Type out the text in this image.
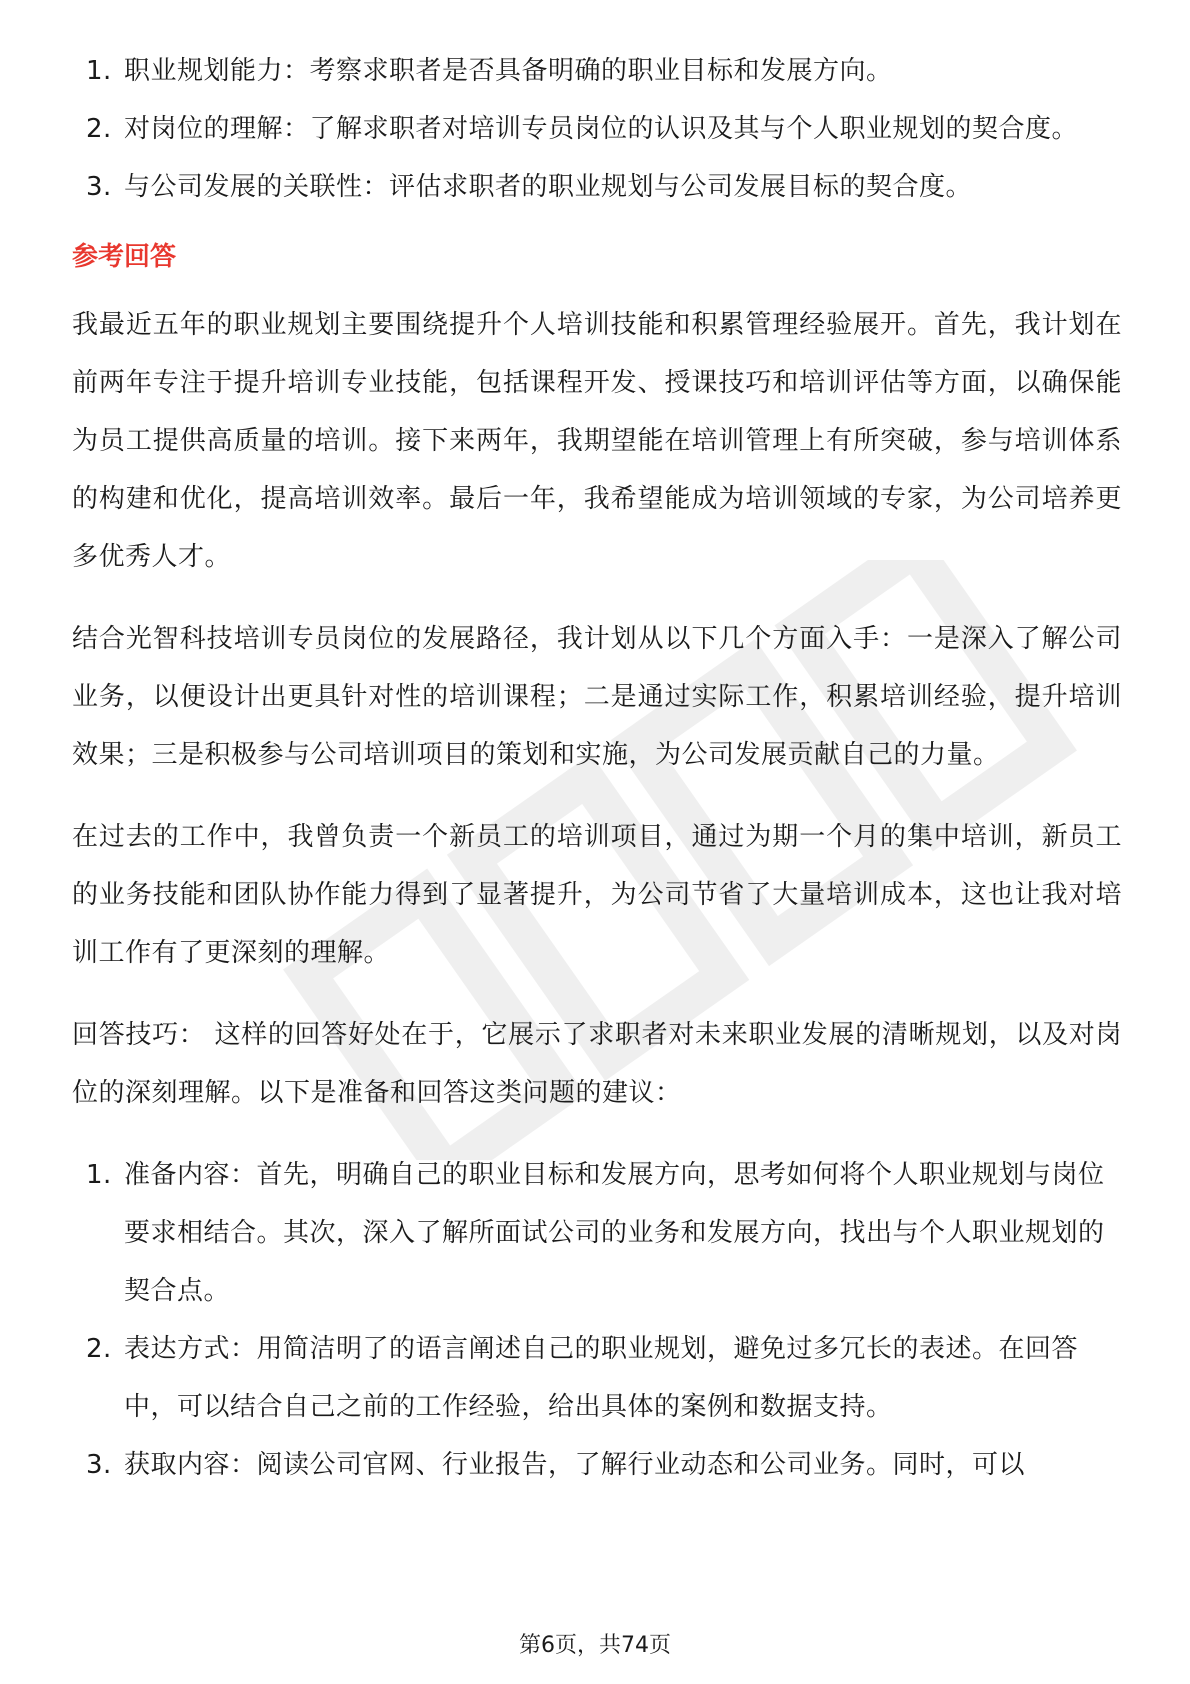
1. 职业规划能力：考察求职者是否具备明确的职业目标和发展方向。
2. 对岗位的理解：了解求职者对培训专员岗位的认识及其与个人职业规划的契合度。
3. 与公司发展的关联性：评估求职者的职业规划与公司发展目标的契合度。
参考回答

我最近五年的职业规划主要围绕提升个人培训技能和积累管理经验展开。首先，我计划在前两年专注于提升培训专业技能，包括课程开发、授课技巧和培训评估等方面，以确保能为员工提供高质量的培训。接下来两年，我期望能在培训管理上有所突破，参与培训体系的构建和优化，提高培训效率。最后一年，我希望能成为培训领域的专家，为公司培养更多优秀人才。

结合光智科技培训专员岗位的发展路径，我计划从以下几个方面入手：一是深入了解公司业务，以便设计出更具针对性的培训课程；二是通过实际工作，积累培训经验，提升培训效果；三是积极参与公司培训项目的策划和实施，为公司发展贡献自己的力量。

在过去的工作中，我曾负责一个新员工的培训项目，通过为期一个月的集中培训，新员工的业务技能和团队协作能力得到了显著提升，为公司节省了大量培训成本，这也让我对培训工作有了更深刻的理解。

回答技巧： 这样的回答好处在于，它展示了求职者对未来职业发展的清晰规划，以及对岗位的深刻理解。以下是准备和回答这类问题的建议：

1. 准备内容：首先，明确自己的职业目标和发展方向，思考如何将个人职业规划与岗位要求相结合。其次，深入了解所面试公司的业务和发展方向，找出与个人职业规划的契合点。
2. 表达方式：用简洁明了的语言阐述自己的职业规划，避免过多冗长的表述。在回答中，可以结合自己之前的工作经验，给出具体的案例和数据支持。
3. 获取内容：阅读公司官网、行业报告，了解行业动态和公司业务。同时，可以
第6页，共74页
